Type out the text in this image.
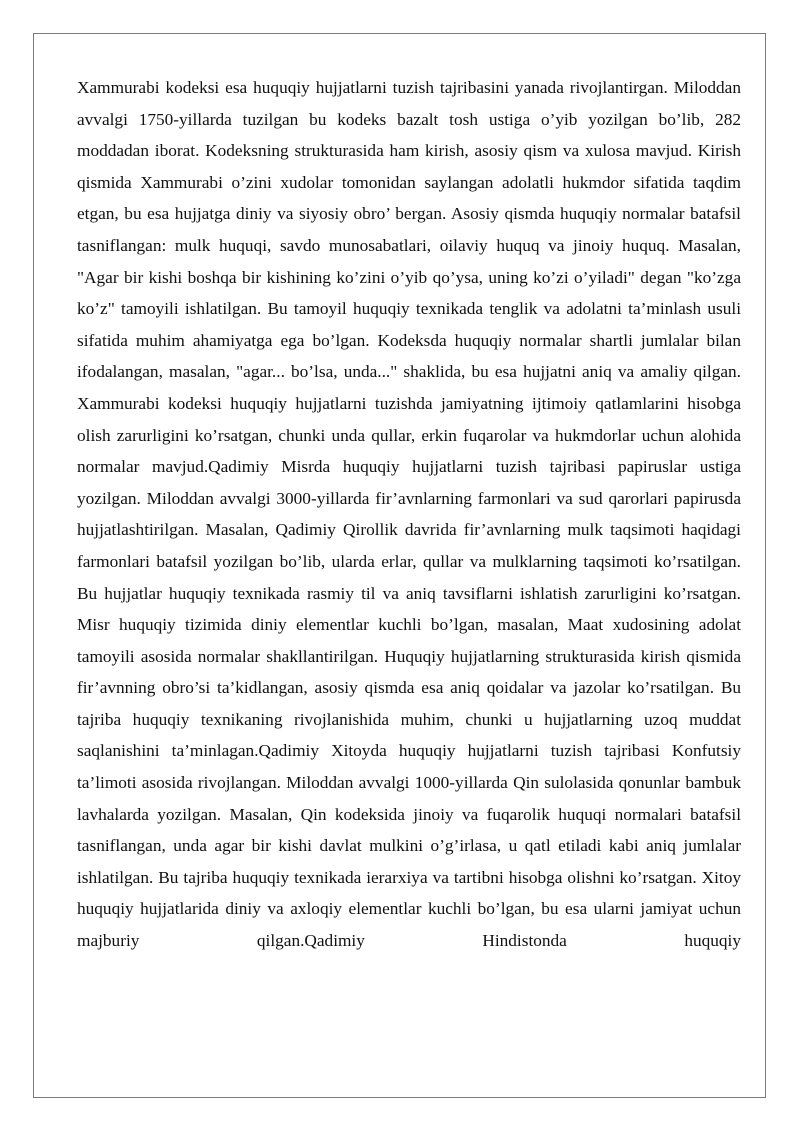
Xammurabi kodeksi esa huquqiy hujjatlarni tuzish tajribasini yanada rivojlantirgan. Miloddan avvalgi 1750-yillarda tuzilgan bu kodeks bazalt tosh ustiga o’yib yozilgan bo’lib, 282 moddadan iborat. Kodeksning strukturasida ham kirish, asosiy qism va xulosa mavjud. Kirish qismida Xammurabi o’zini xudolar tomonidan saylangan adolatli hukmdor sifatida taqdim etgan, bu esa hujjatga diniy va siyosiy obro’ bergan. Asosiy qismda huquqiy normalar batafsil tasniflangan: mulk huquqi, savdo munosabatlari, oilaviy huquq va jinoiy huquq. Masalan, "Agar bir kishi boshqa bir kishining ko’zini o’yib qo’ysa, uning ko’zi o’yiladi" degan "ko’zga ko’z" tamoyili ishlatilgan. Bu tamoyil huquqiy texnikada tenglik va adolatni ta’minlash usuli sifatida muhim ahamiyatga ega bo’lgan. Kodeksda huquqiy normalar shartli jumlalar bilan ifodalangan, masalan, "agar... bo’lsa, unda..." shaklida, bu esa hujjatni aniq va amaliy qilgan. Xammurabi kodeksi huquqiy hujjatlarni tuzishda jamiyatning ijtimoiy qatlamlarini hisobga olish zarurligini ko’rsatgan, chunki unda qullar, erkin fuqarolar va hukmdorlar uchun alohida normalar mavjud.Qadimiy Misrda huquqiy hujjatlarni tuzish tajribasi papiruslar ustiga yozilgan. Miloddan avvalgi 3000-yillarda fir’avnlarning farmonlari va sud qarorlari papirusda hujjatlashtirilgan. Masalan, Qadimiy Qirollik davrida fir’avnlarning mulk taqsimoti haqidagi farmonlari batafsil yozilgan bo’lib, ularda erlar, qullar va mulklarning taqsimoti ko’rsatilgan. Bu hujjatlar huquqiy texnikada rasmiy til va aniq tavsiflarni ishlatish zarurligini ko’rsatgan. Misr huquqiy tizimida diniy elementlar kuchli bo’lgan, masalan, Maat xudosining adolat tamoyili asosida normalar shakllantirilgan. Huquqiy hujjatlarning strukturasida kirish qismida fir’avnning obro’si ta’kidlangan, asosiy qismda esa aniq qoidalar va jazolar ko’rsatilgan. Bu tajriba huquqiy texnikaning rivojlanishida muhim, chunki u hujjatlarning uzoq muddat saqlanishini ta’minlagan.Qadimiy Xitoyda huquqiy hujjatlarni tuzish tajribasi Konfutsiy ta’limoti asosida rivojlangan. Miloddan avvalgi 1000-yillarda Qin sulolasida qonunlar bambuk lavhalarda yozilgan. Masalan, Qin kodeksida jinoiy va fuqarolik huquqi normalari batafsil tasniflangan, unda agar bir kishi davlat mulkini o’g’irlasa, u qatl etiladi kabi aniq jumlalar ishlatilgan. Bu tajriba huquqiy texnikada ierarxiya va tartibni hisobga olishni ko’rsatgan. Xitoy huquqiy hujjatlarida diniy va axloqiy elementlar kuchli bo’lgan, bu esa ularni jamiyat uchun majburiy qilgan.Qadimiy Hindistonda huquqiy
